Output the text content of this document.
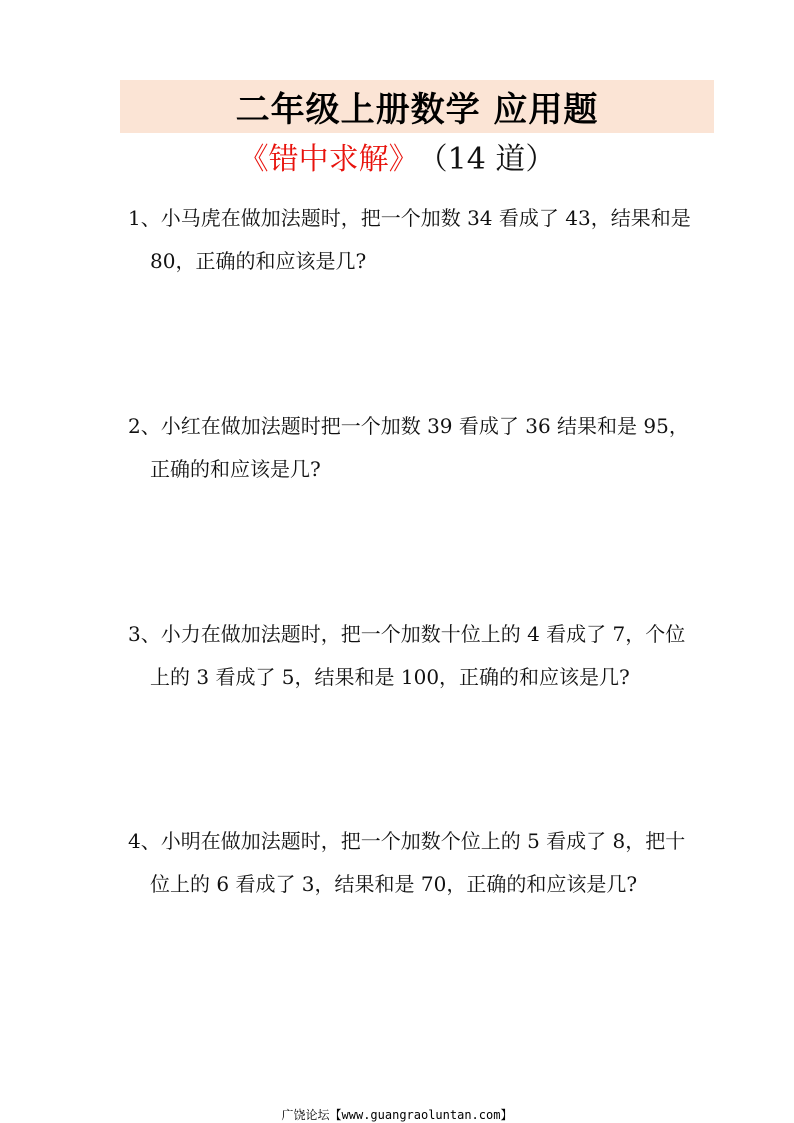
二年级上册数学 应用题
《错中求解》 （14 道）
1、小马虎在做加法题时，把一个加数 34 看成了 43，结果和是
80，正确的和应该是几?
2、小红在做加法题时把一个加数 39 看成了 36 结果和是 95，
正确的和应该是几?
3、小力在做加法题时，把一个加数十位上的 4 看成了 7，个位
上的 3 看成了 5，结果和是 100，正确的和应该是几?
4、小明在做加法题时，把一个加数个位上的 5 看成了 8，把十
位上的 6 看成了 3，结果和是 70，正确的和应该是几?
广饶论坛【www.guangraoluntan.com】
